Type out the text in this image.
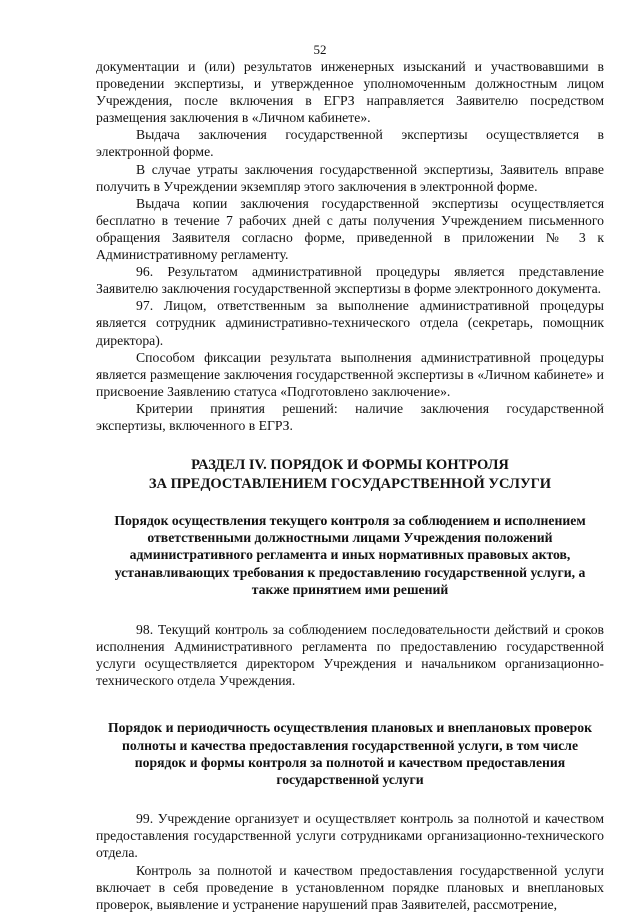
52

документации и (или) результатов инженерных изысканий и участвовавшими в проведении экспертизы, и утвержденное уполномоченным должностным лицом Учреждения, после включения в ЕГРЗ направляется Заявителю посредством размещения заключения в «Личном кабинете».

Выдача заключения государственной экспертизы осуществляется в электронной форме.

В случае утраты заключения государственной экспертизы, Заявитель вправе получить в Учреждении экземпляр этого заключения в электронной форме.

Выдача копии заключения государственной экспертизы осуществляется бесплатно в течение 7 рабочих дней с даты получения Учреждением письменного обращения Заявителя согласно форме, приведенной в приложении № 3 к Административному регламенту.

96. Результатом административной процедуры является представление Заявителю заключения государственной экспертизы в форме электронного документа.

97. Лицом, ответственным за выполнение административной процедуры является сотрудник административно-технического отдела (секретарь, помощник директора).

Способом фиксации результата выполнения административной процедуры является размещение заключения государственной экспертизы в «Личном кабинете» и присвоение Заявлению статуса «Подготовлено заключение».

Критерии принятия решений: наличие заключения государственной экспертизы, включенного в ЕГРЗ.

РАЗДЕЛ IV. ПОРЯДОК И ФОРМЫ КОНТРОЛЯ
ЗА ПРЕДОСТАВЛЕНИЕМ ГОСУДАРСТВЕННОЙ УСЛУГИ
Порядок осуществления текущего контроля за соблюдением и исполнением ответственными должностными лицами Учреждения положений административного регламента и иных нормативных правовых актов, устанавливающих требования к предоставлению государственной услуги, а также принятием ими решений

98. Текущий контроль за соблюдением последовательности действий и сроков исполнения Административного регламента по предоставлению государственной услуги осуществляется директором Учреждения и начальником организационно-технического отдела Учреждения.

Порядок и периодичность осуществления плановых и внеплановых проверок полноты и качества предоставления государственной услуги, в том числе порядок и формы контроля за полнотой и качеством предоставления государственной услуги

99. Учреждение организует и осуществляет контроль за полнотой и качеством предоставления государственной услуги сотрудниками организационно-технического отдела.

Контроль за полнотой и качеством предоставления государственной услуги включает в себя проведение в установленном порядке плановых и внеплановых проверок, выявление и устранение нарушений прав Заявителей, рассмотрение,
